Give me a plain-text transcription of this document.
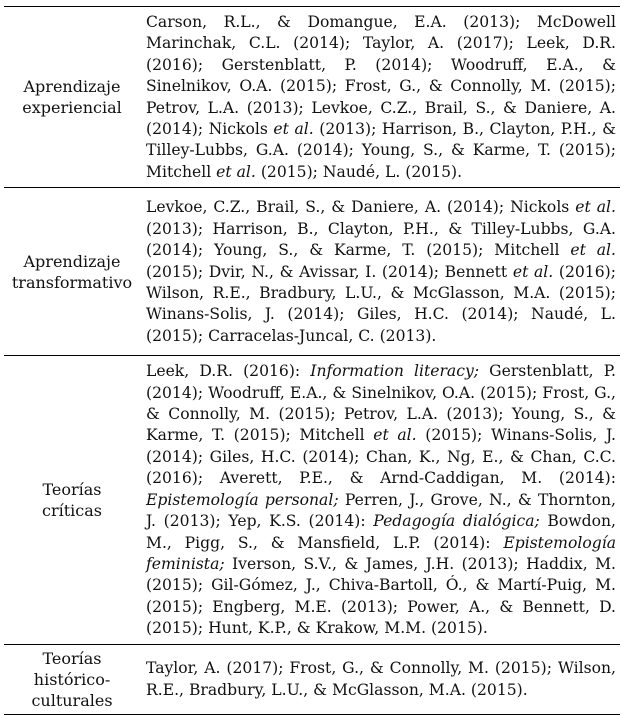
Aprendizaje
experiencial	Carson, R.L., & Domangue, E.A. (2013); McDowell Marinchak, C.L. (2014); Taylor, A. (2017); Leek, D.R. (2016); Gerstenblatt, P. (2014); Woodruff, E.A., & Sinelnikov, O.A. (2015); Frost, G., & Connolly, M. (2015); Petrov, L.A. (2013); Levkoe, C.Z., Brail, S., & Daniere, A. (2014); Nickols et al. (2013); Harrison, B., Clayton, P.H., & Tilley-Lubbs, G.A. (2014); Young, S., & Karme, T. (2015); Mitchell et al. (2015); Naudé, L. (2015).

Aprendizaje
transformativo	Levkoe, C.Z., Brail, S., & Daniere, A. (2014); Nickols et al. (2013); Harrison, B., Clayton, P.H., & Tilley-Lubbs, G.A. (2014); Young, S., & Karme, T. (2015); Mitchell et al. (2015); Dvir, N., & Avissar, I. (2014); Bennett et al. (2016); Wilson, R.E., Bradbury, L.U., & McGlasson, M.A. (2015); Winans-Solis, J. (2014); Giles, H.C. (2014); Naudé, L. (2015); Carracelas-Juncal, C. (2013).

Teorías
críticas	Leek, D.R. (2016): Information literacy; Gerstenblatt, P. (2014); Woodruff, E.A., & Sinelnikov, O.A. (2015); Frost, G., & Connolly, M. (2015); Petrov, L.A. (2013); Young, S., & Karme, T. (2015); Mitchell et al. (2015); Winans-Solis, J. (2014); Giles, H.C. (2014); Chan, K., Ng, E., & Chan, C.C. (2016); Averett, P.E., & Arnd-Caddigan, M. (2014): Epistemología personal; Perren, J., Grove, N., & Thornton, J. (2013); Yep, K.S. (2014): Pedagogía dialógica; Bowdon, M., Pigg, S., & Mansfield, L.P. (2014): Epistemología feminista; Iverson, S.V., & James, J.H. (2013); Haddix, M. (2015); Gil-Gómez, J., Chiva-Bartoll, Ó., & Martí-Puig, M. (2015); Engberg, M.E. (2013); Power, A., & Bennett, D. (2015); Hunt, K.P., & Krakow, M.M. (2015).

Teorías
histórico-
culturales	Taylor, A. (2017); Frost, G., & Connolly, M. (2015); Wilson, R.E., Bradbury, L.U., & McGlasson, M.A. (2015).
